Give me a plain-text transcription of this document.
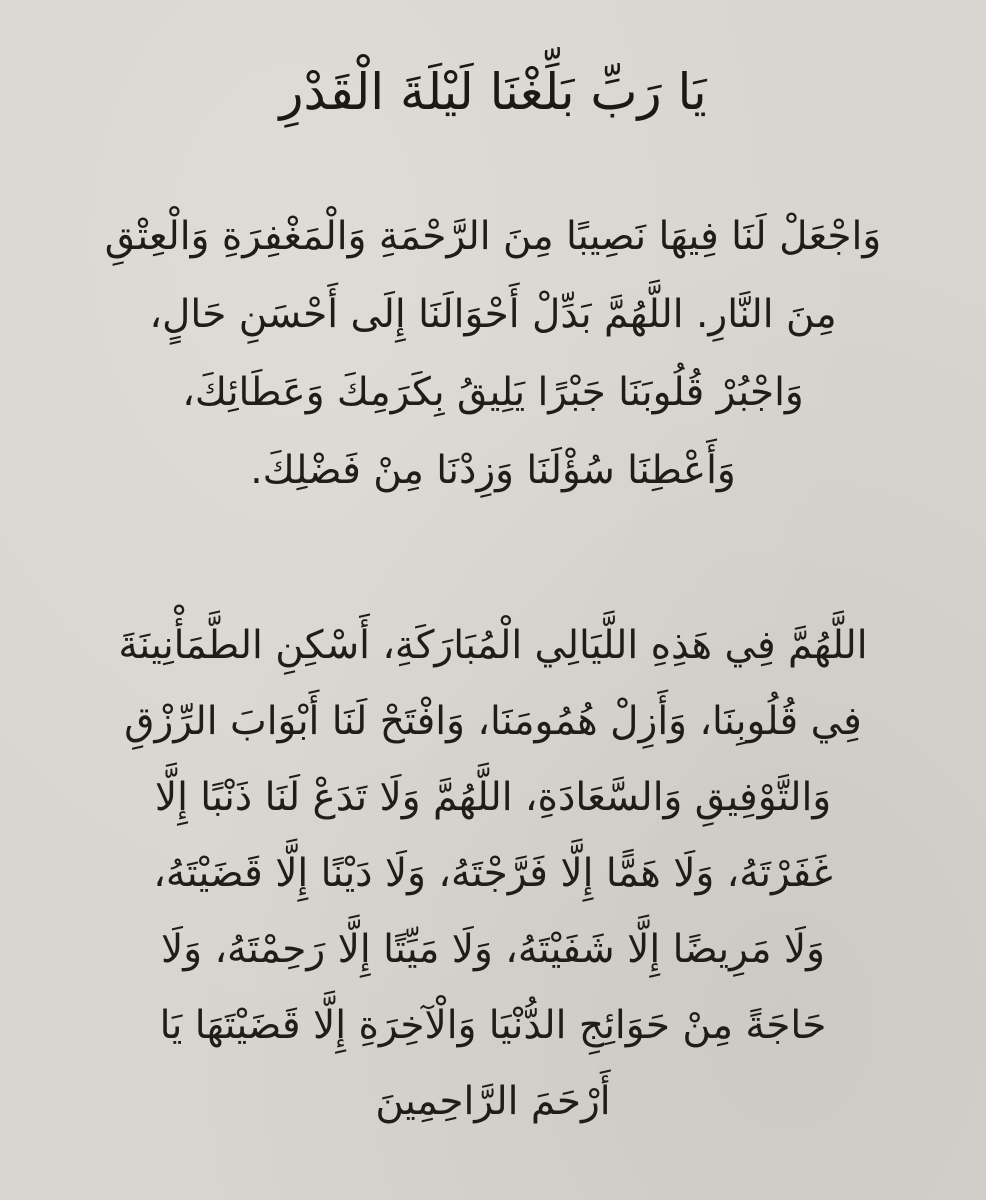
يَا رَبِّ بَلِّغْنَا لَيْلَةَ الْقَدْرِ

وَاجْعَلْ لَنَا فِيهَا نَصِيبًا مِنَ الرَّحْمَةِ وَالْمَغْفِرَةِ وَالْعِتْقِ
مِنَ النَّارِ. اللَّهُمَّ بَدِّلْ أَحْوَالَنَا إِلَى أَحْسَنِ حَالٍ،
وَاجْبُرْ قُلُوبَنَا جَبْرًا يَلِيقُ بِكَرَمِكَ وَعَطَائِكَ،
وَأَعْطِنَا سُؤْلَنَا وَزِدْنَا مِنْ فَضْلِكَ.

اللَّهُمَّ فِي هَذِهِ اللَّيَالِي الْمُبَارَكَةِ، أَسْكِنِ الطَّمَأْنِينَةَ
فِي قُلُوبِنَا، وَأَزِلْ هُمُومَنَا، وَافْتَحْ لَنَا أَبْوَابَ الرِّزْقِ
وَالتَّوْفِيقِ وَالسَّعَادَةِ، اللَّهُمَّ وَلَا تَدَعْ لَنَا ذَنْبًا إِلَّا
غَفَرْتَهُ، وَلَا هَمًّا إِلَّا فَرَّجْتَهُ، وَلَا دَيْنًا إِلَّا قَضَيْتَهُ،
وَلَا مَرِيضًا إِلَّا شَفَيْتَهُ، وَلَا مَيِّتًا إِلَّا رَحِمْتَهُ، وَلَا
حَاجَةً مِنْ حَوَائِجِ الدُّنْيَا وَالْآخِرَةِ إِلَّا قَضَيْتَهَا يَا
أَرْحَمَ الرَّاحِمِينَ
